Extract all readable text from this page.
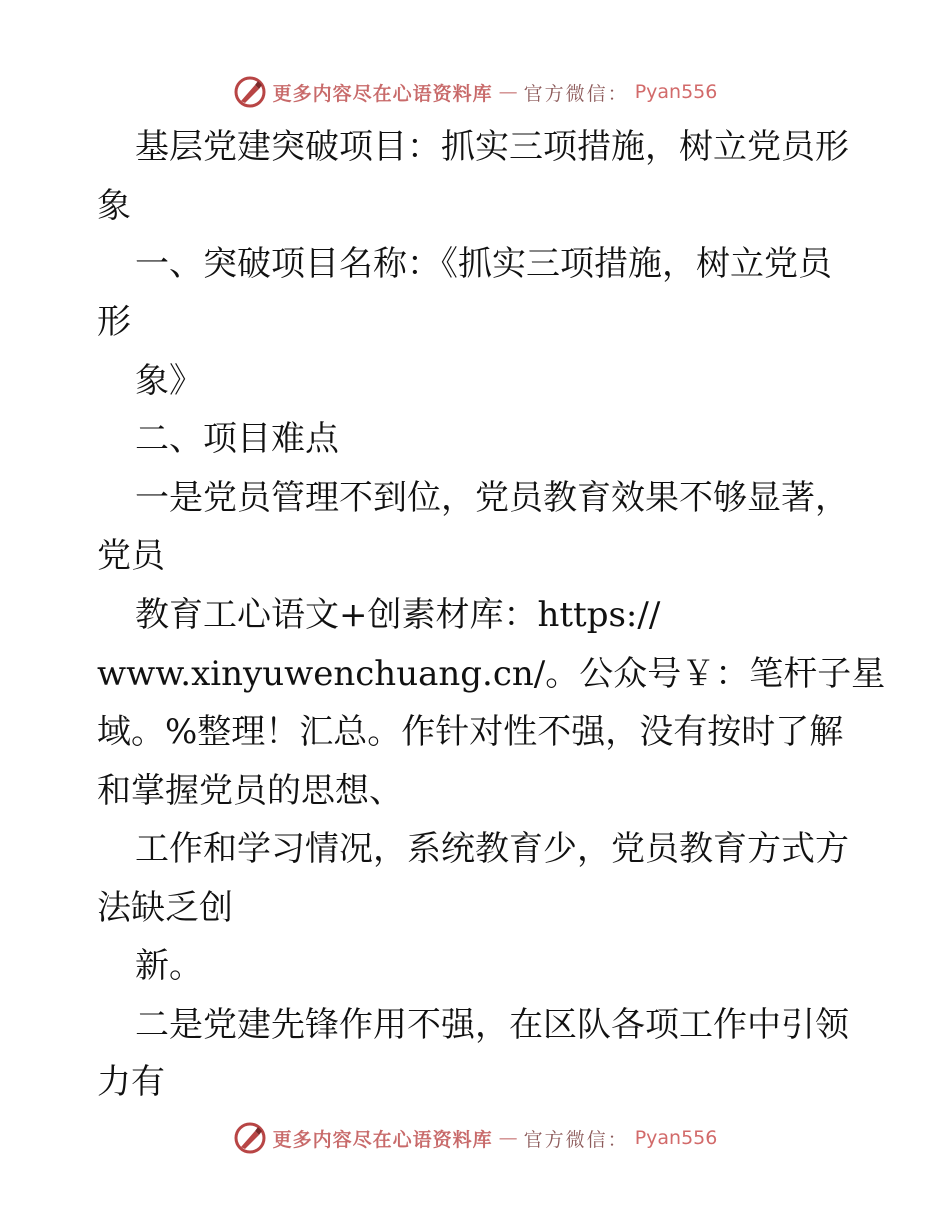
更多内容尽在心语资料库 — 官方微信： Pyan556
基层党建突破项目：抓实三项措施，树立党员形
象
一、突破项目名称：《抓实三项措施，树立党员
形
象》
二、项目难点
一是党员管理不到位，党员教育效果不够显著，
党员
教育工心语文+创素材库：https://
www.xinyuwenchuang.cn/。公众号￥：笔杆子星
域。%整理！汇总。作针对性不强，没有按时了解
和掌握党员的思想、
工作和学习情况，系统教育少，党员教育方式方
法缺乏创
新。
二是党建先锋作用不强，在区队各项工作中引领
力有
更多内容尽在心语资料库 — 官方微信： Pyan556
